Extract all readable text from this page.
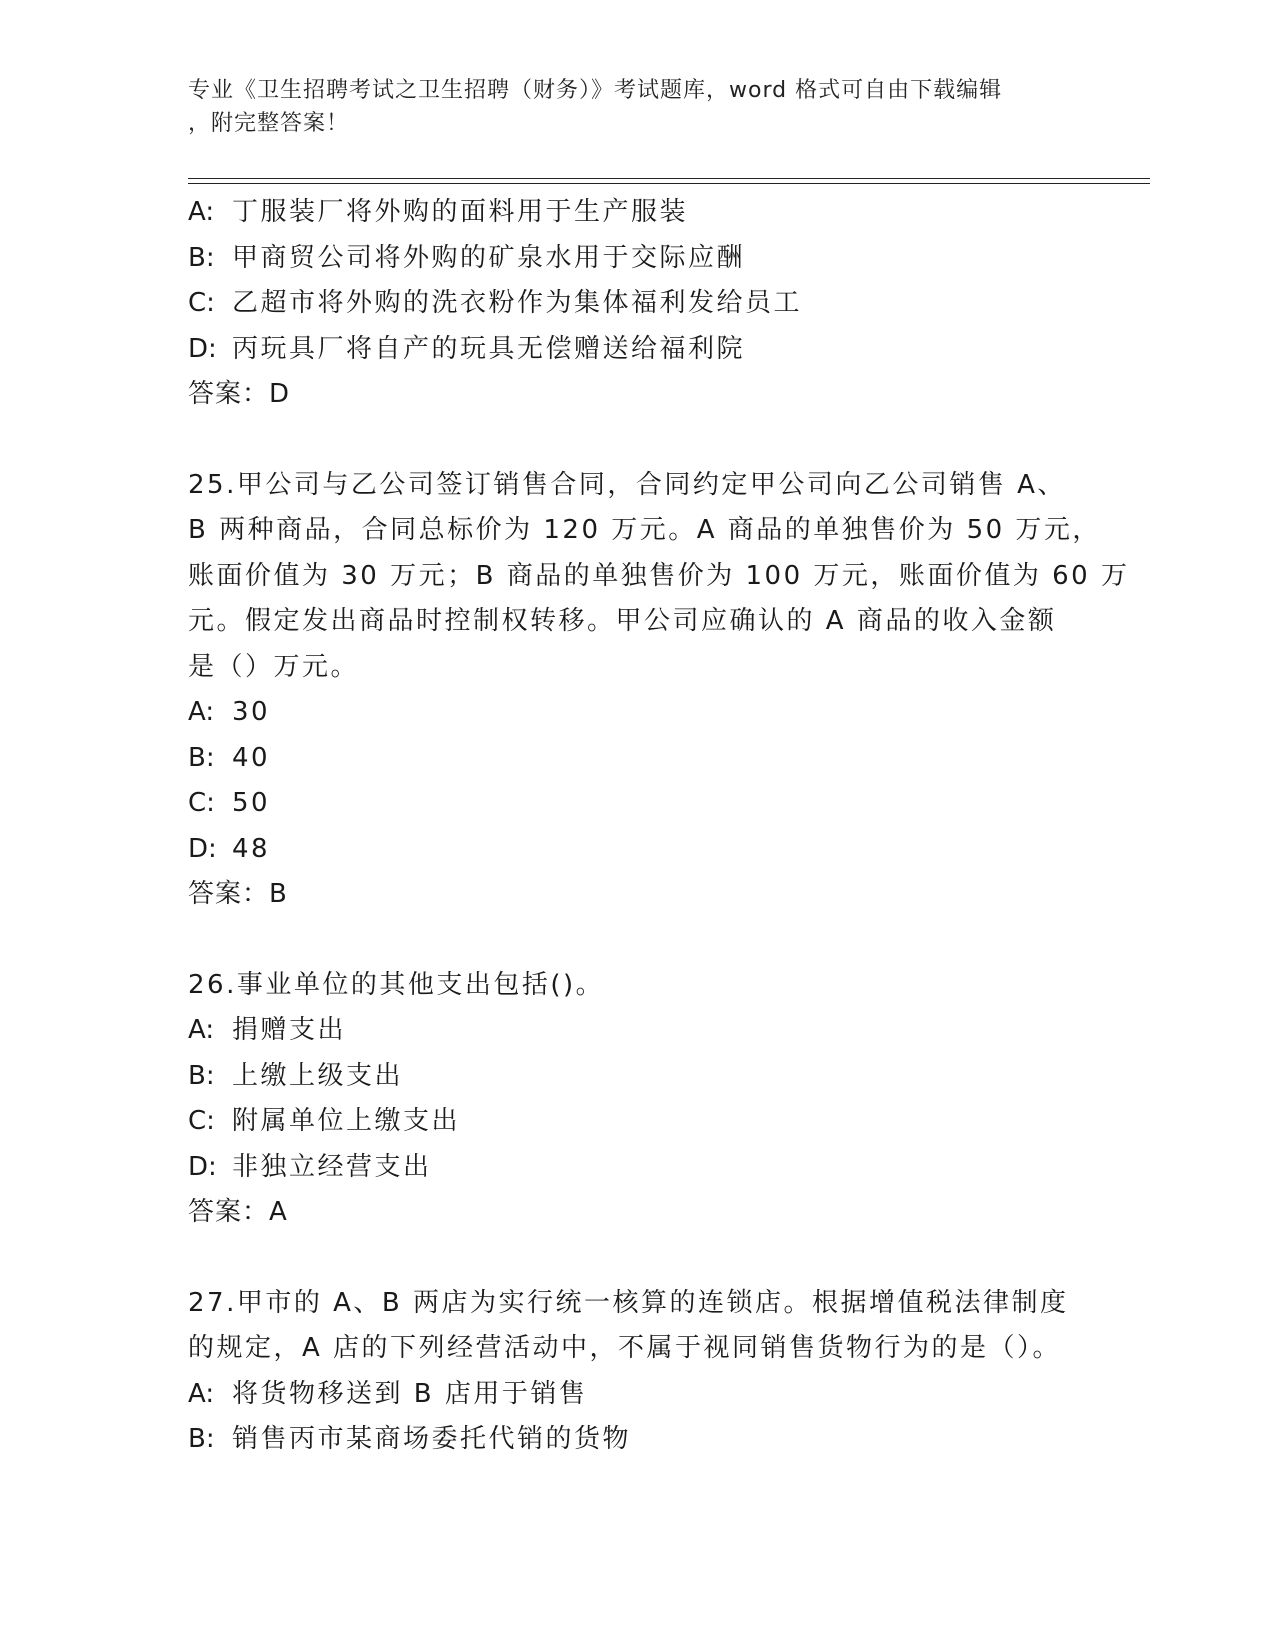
专业《卫生招聘考试之卫生招聘（财务）》考试题库，word 格式可自由下载编辑
，附完整答案！
A: 丁服装厂将外购的面料用于生产服装
B: 甲商贸公司将外购的矿泉水用于交际应酬
C: 乙超市将外购的洗衣粉作为集体福利发给员工
D: 丙玩具厂将自产的玩具无偿赠送给福利院
答案：D
25.甲公司与乙公司签订销售合同，合同约定甲公司向乙公司销售 A、
B 两种商品，合同总标价为 120 万元。A 商品的单独售价为 50 万元，
账面价值为 30 万元；B 商品的单独售价为 100 万元，账面价值为 60 万
元。假定发出商品时控制权转移。甲公司应确认的 A 商品的收入金额
是（）万元。
A: 30
B: 40
C: 50
D: 48
答案：B
26.事业单位的其他支出包括()。
A: 捐赠支出
B: 上缴上级支出
C: 附属单位上缴支出
D: 非独立经营支出
答案：A
27.甲市的 A、B 两店为实行统一核算的连锁店。根据增值税法律制度
的规定，A 店的下列经营活动中，不属于视同销售货物行为的是（）。
A: 将货物移送到 B 店用于销售
B: 销售丙市某商场委托代销的货物
